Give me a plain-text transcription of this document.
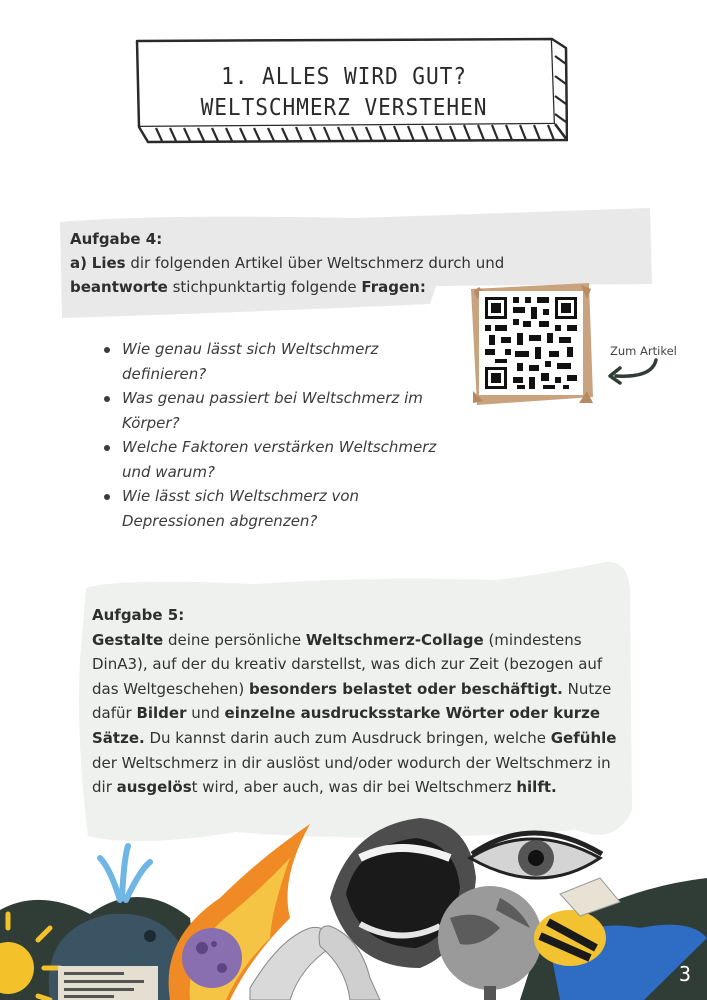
1. ALLES WIRD GUT?
WELTSCHMERZ VERSTEHEN
Aufgabe 4:
a) Lies dir folgenden Artikel über Weltschmerz durch und
beantworte stichpunktartig folgende Fragen:
Wie genau lässt sich Weltschmerz definieren?
Was genau passiert bei Weltschmerz im Körper?
Welche Faktoren verstärken Weltschmerz und warum?
Wie lässt sich Weltschmerz von Depressionen abgrenzen?
Zum Artikel
Aufgabe 5:
Gestalte deine persönliche Weltschmerz-Collage (mindestens DinA3), auf der du kreativ darstellst, was dich zur Zeit (bezogen auf das Weltgeschehen) besonders belastet oder beschäftigt. Nutze dafür Bilder und einzelne ausdrucksstarke Wörter oder kurze Sätze. Du kannst darin auch zum Ausdruck bringen, welche Gefühle der Weltschmerz in dir auslöst und/oder wodurch der Weltschmerz in dir ausgelöst wird, aber auch, was dir bei Weltschmerz hilft.
3
